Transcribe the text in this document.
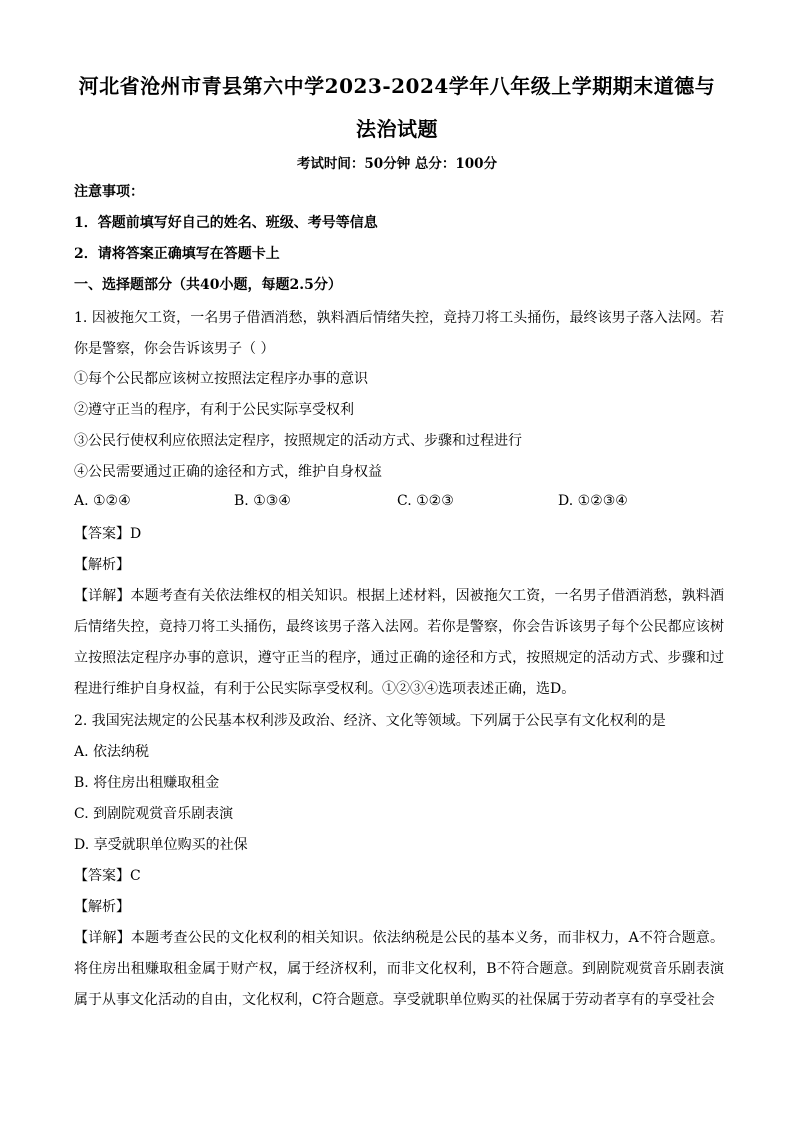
河北省沧州市青县第六中学2023-2024学年八年级上学期期末道德与
法治试题
考试时间：50分钟 总分：100分
注意事项：
1．答题前填写好自己的姓名、班级、考号等信息
2．请将答案正确填写在答题卡上
一、选择题部分（共40小题，每题2.5分）
1. 因被拖欠工资，一名男子借酒消愁，孰料酒后情绪失控，竟持刀将工头捅伤，最终该男子落入法网。若你是警察，你会告诉该男子（ ）
①每个公民都应该树立按照法定程序办事的意识
②遵守正当的程序，有利于公民实际享受权利
③公民行使权利应依照法定程序，按照规定的活动方式、步骤和过程进行
④公民需要通过正确的途径和方式，维护自身权益
A. ①②④	B. ①③④	C. ①②③	D. ①②③④
【答案】D
【解析】
【详解】本题考查有关依法维权的相关知识。根据上述材料，因被拖欠工资，一名男子借酒消愁，孰料酒后情绪失控，竟持刀将工头捅伤，最终该男子落入法网。若你是警察，你会告诉该男子每个公民都应该树立按照法定程序办事的意识，遵守正当的程序，通过正确的途径和方式，按照规定的活动方式、步骤和过程进行维护自身权益，有利于公民实际享受权利。①②③④选项表述正确，选D。
2. 我国宪法规定的公民基本权利涉及政治、经济、文化等领域。下列属于公民享有文化权利的是
A. 依法纳税
B. 将住房出租赚取租金
C. 到剧院观赏音乐剧表演
D. 享受就职单位购买的社保
【答案】C
【解析】
【详解】本题考查公民的文化权利的相关知识。依法纳税是公民的基本义务，而非权力，A不符合题意。将住房出租赚取租金属于财产权，属于经济权利，而非文化权利，B不符合题意。到剧院观赏音乐剧表演属于从事文化活动的自由，文化权利，C符合题意。享受就职单位购买的社保属于劳动者享有的享受社会
